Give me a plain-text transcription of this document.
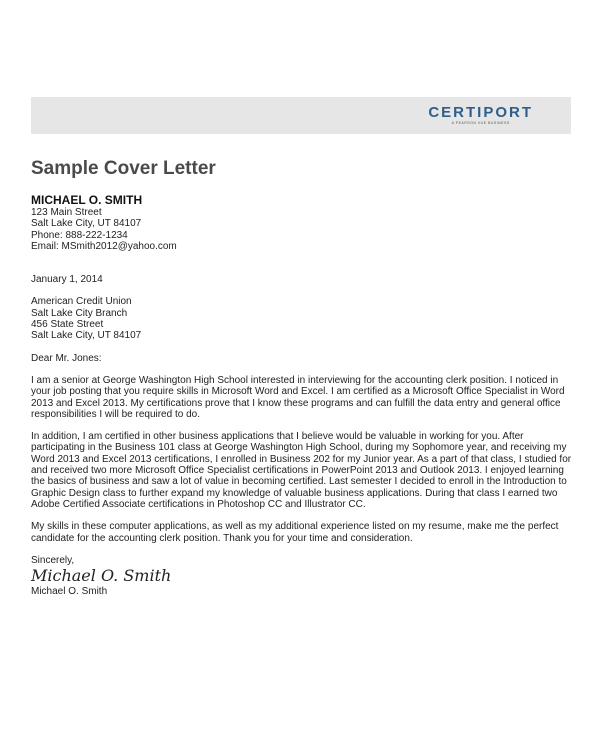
CERTIPORT
A PEARSON VUE BUSINESS
Sample Cover Letter

MICHAEL O. SMITH

123 Main Street

Salt Lake City, UT 84107

Phone: 888-222-1234

Email: MSmith2012@yahoo.com

January 1, 2014

American Credit Union

Salt Lake City Branch

456 State Street

Salt Lake City, UT 84107

Dear Mr. Jones:

I am a senior at George Washington High School interested in interviewing for the accounting clerk position. I noticed in your job posting that you require skills in Microsoft Word and Excel. I am certified as a Microsoft Office Specialist in Word 2013 and Excel 2013. My certifications prove that I know these programs and can fulfill the data entry and general office responsibilities I will be required to do.

In addition, I am certified in other business applications that I believe would be valuable in working for you. After participating in the Business 101 class at George Washington High School, during my Sophomore year, and receiving my Word 2013 and Excel 2013 certifications, I enrolled in Business 202 for my Junior year. As a part of that class, I studied for and received two more Microsoft Office Specialist certifications in PowerPoint 2013 and Outlook 2013. I enjoyed learning the basics of business and saw a lot of value in becoming certified. Last semester I decided to enroll in the Introduction to Graphic Design class to further expand my knowledge of valuable business applications. During that class I earned two Adobe Certified Associate certifications in Photoshop CC and Illustrator CC.

My skills in these computer applications, as well as my additional experience listed on my resume, make me the perfect candidate for the accounting clerk position. Thank you for your time and consideration.

Sincerely,

Michael O. Smith

Michael O. Smith
